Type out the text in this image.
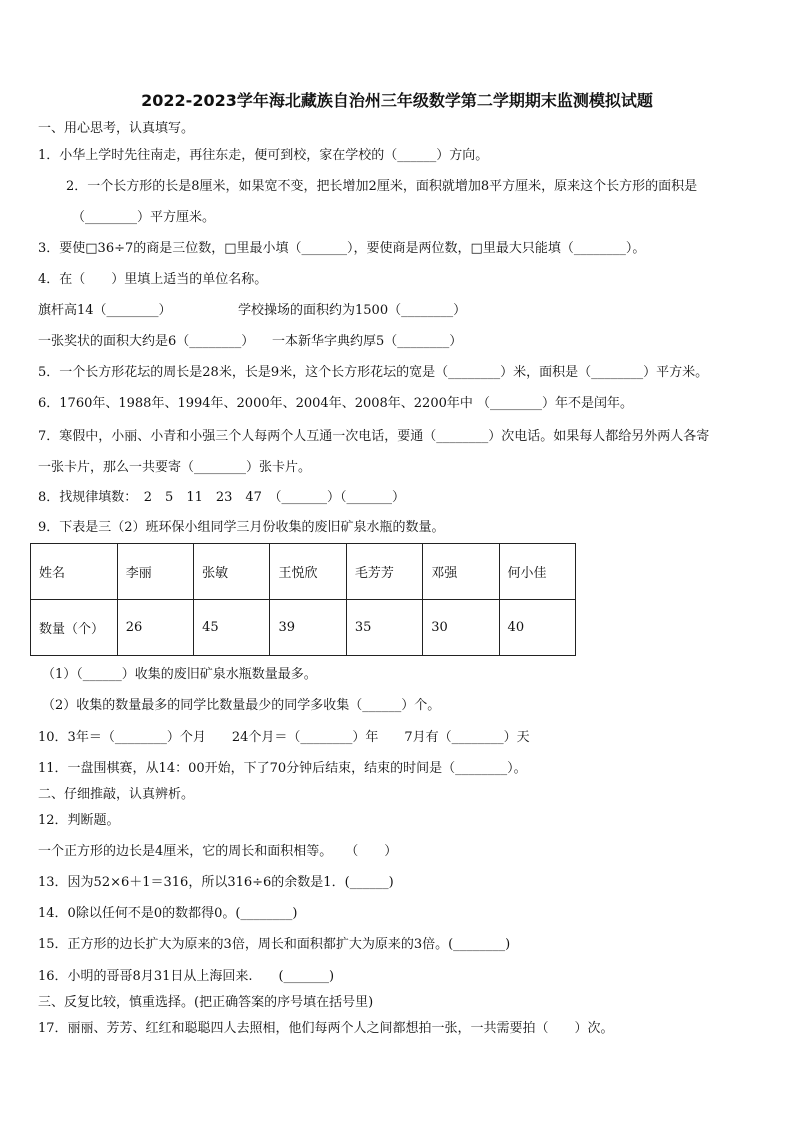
2022-2023学年海北藏族自治州三年级数学第二学期期末监测模拟试题
一、用心思考，认真填写。
1．小华上学时先往南走，再往东走，便可到校，家在学校的（______）方向。
2．一个长方形的长是8厘米，如果宽不变，把长增加2厘米，面积就增加8平方厘米，原来这个长方形的面积是
（________）平方厘米。
3．要使□36÷7的商是三位数，□里最小填（_______），要使商是两位数，□里最大只能填（________）。
4．在（　　）里填上适当的单位名称。
旗杆高14（________）	学校操场的面积约为1500（________）
一张奖状的面积大约是6（________） 一本新华字典约厚5（________）
5．一个长方形花坛的周长是28米，长是9米，这个长方形花坛的宽是（________）米，面积是（________）平方米。
6．1760年、1988年、1994年、2000年、2004年、2008年、2200年中 （________）年不是闰年。
7．寒假中，小丽、小青和小强三个人每两个人互通一次电话，要通（________）次电话。如果每人都给另外两人各寄
一张卡片，那么一共要寄（________）张卡片。
8．找规律填数：　2　5　11　23　47　（_______）（_______）
9．下表是三（2）班环保小组同学三月份收集的废旧矿泉水瓶的数量。
姓名	李丽	张敏	王悦欣	毛芳芳	邓强	何小佳
数量（个）	26	45	39	35	30	40
（1）（______）收集的废旧矿泉水瓶数量最多。
（2）收集的数量最多的同学比数量最少的同学多收集（______）个。
10．3年＝（________）个月　　24个月＝（________）年　　7月有（________）天
11．一盘围棋赛，从14：00开始，下了70分钟后结束，结束的时间是（________）。
二、仔细推敲，认真辨析。
12．判断题。
一个正方形的边长是4厘米，它的周长和面积相等。　　（　　）
13．因为52×6＋1＝316，所以316÷6的余数是1．(______)
14．0除以任何不是0的数都得0。(________)
15．正方形的边长扩大为原来的3倍，周长和面积都扩大为原来的3倍。(________)
16．小明的哥哥8月31日从上海回来.　　(_______)
三、反复比较，慎重选择。(把正确答案的序号填在括号里)
17．丽丽、芳芳、红红和聪聪四人去照相，他们每两个人之间都想拍一张，一共需要拍（　　）次。
